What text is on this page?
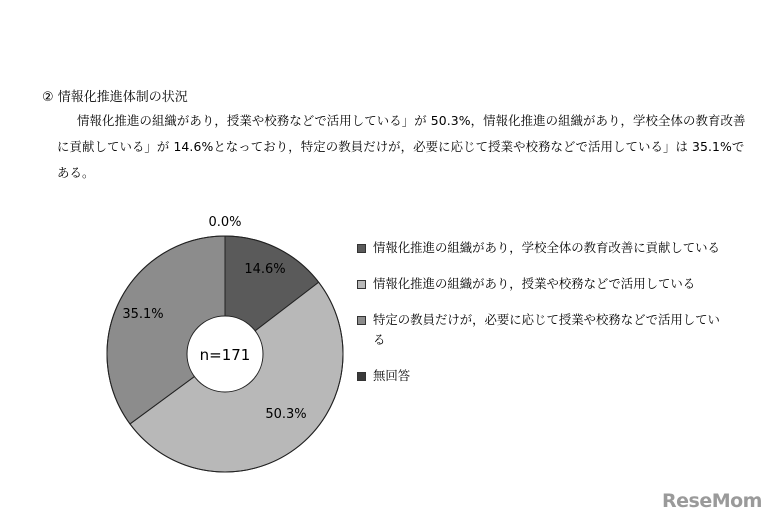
② 情報化推進体制の状況
情報化推進の組織があり，授業や校務などで活用している」が 50.3%，情報化推進の組織があり，学校全体の教育改善に貢献している」が 14.6%となっており，特定の教員だけが，必要に応じて授業や校務などで活用している」は 35.1%である。
n=171
14.6%
50.3%
35.1%
0.0%
情報化推進の組織があり，学校全体の教育改善に貢献している
情報化推進の組織があり，授業や校務などで活用している
特定の教員だけが，必要に応じて授業や校務などで活用している
無回答
ReseMom
